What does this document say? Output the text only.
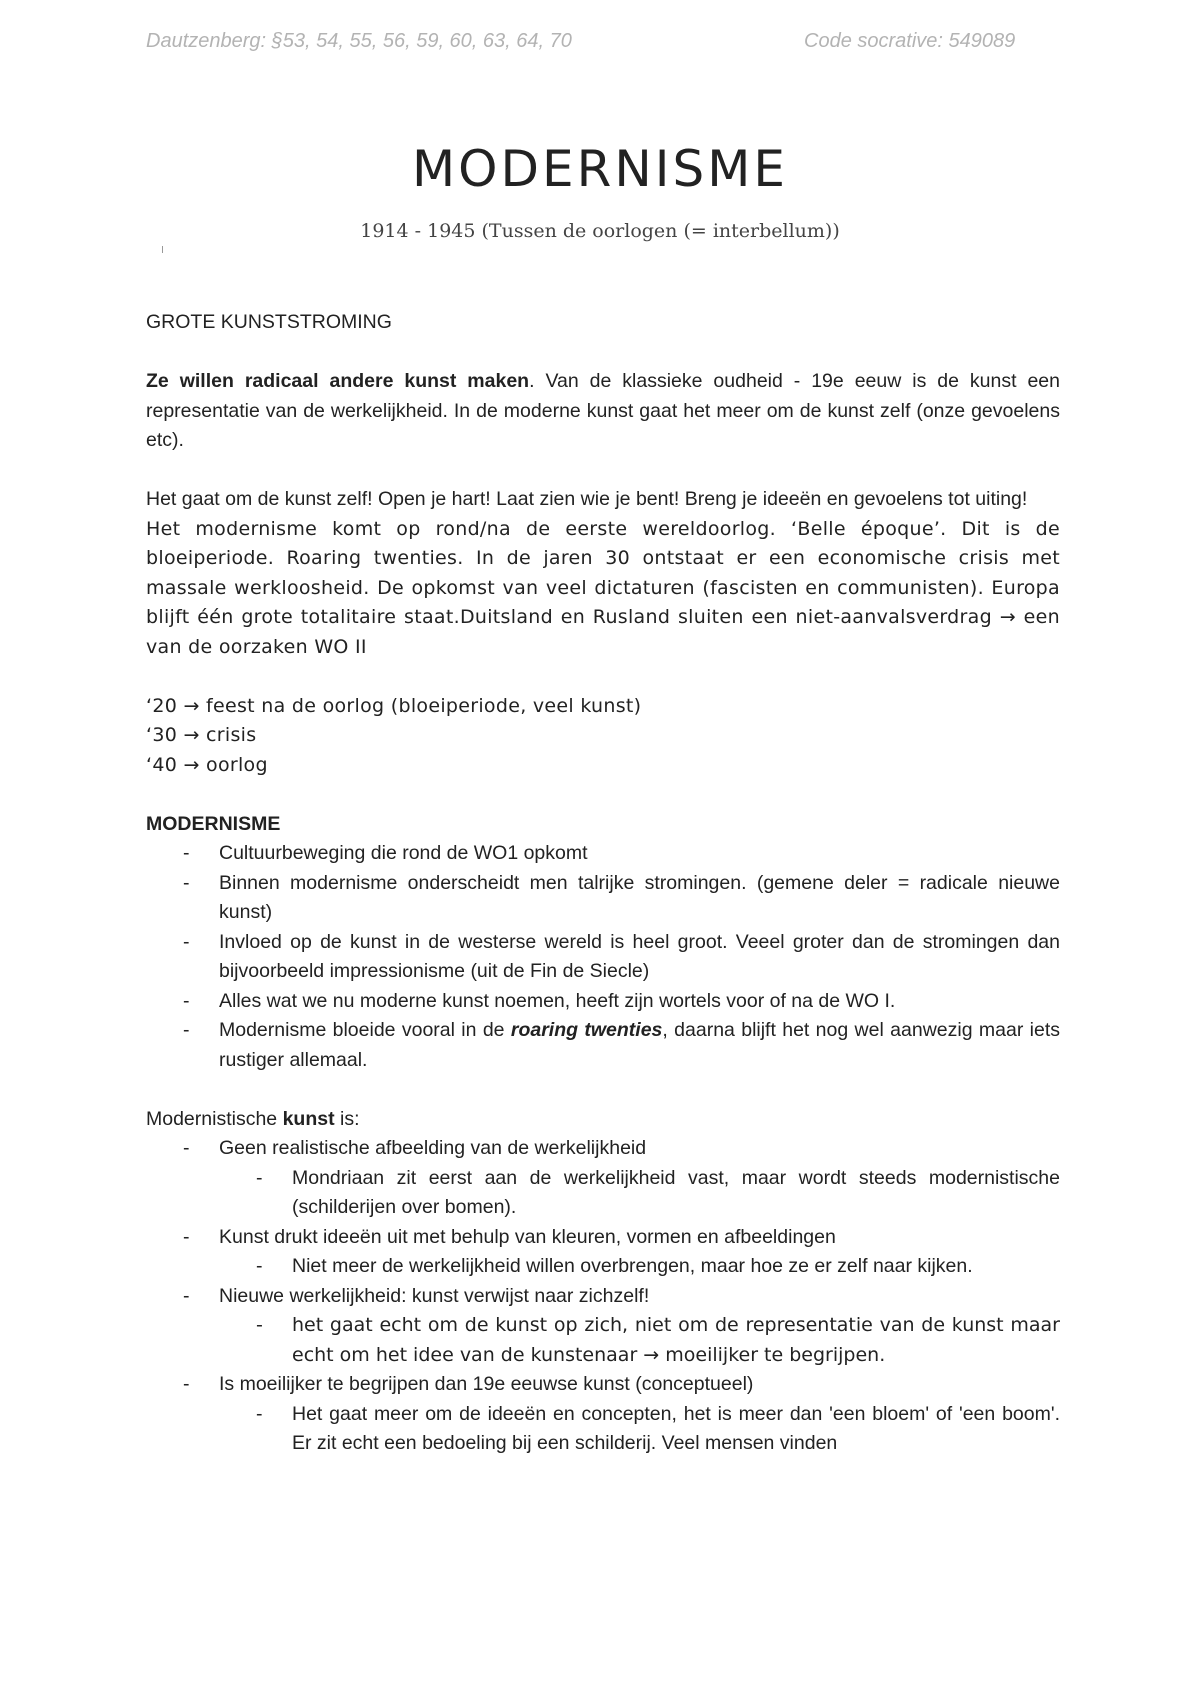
Dautzenberg: §53, 54, 55, 56, 59, 60, 63, 64, 70	Code socrative: 549089
MODERNISME
1914 - 1945 (Tussen de oorlogen (= interbellum))

GROTE KUNSTSTROMING

Ze willen radicaal andere kunst maken. Van de klassieke oudheid - 19e eeuw is de kunst een representatie van de werkelijkheid. In de moderne kunst gaat het meer om de kunst zelf (onze gevoelens etc).

Het gaat om de kunst zelf! Open je hart! Laat zien wie je bent! Breng je ideeën en gevoelens tot uiting!

Het modernisme komt op rond/na de eerste wereldoorlog. ‘Belle époque’. Dit is de bloeiperiode. Roaring twenties. In de jaren 30 ontstaat er een economische crisis met massale werkloosheid. De opkomst van veel dictaturen (fascisten en communisten). Europa blijft één grote totalitaire staat.Duitsland en Rusland sluiten een niet-aanvalsverdrag → een van de oorzaken WO II

‘20 → feest na de oorlog (bloeiperiode, veel kunst)

‘30 → crisis

‘40 → oorlog

MODERNISME

- Cultuurbeweging die rond de WO1 opkomt
- Binnen modernisme onderscheidt men talrijke stromingen. (gemene deler = radicale nieuwe kunst)
- Invloed op de kunst in de westerse wereld is heel groot. Veeel groter dan de stromingen dan bijvoorbeeld impressionisme (uit de Fin de Siecle)
- Alles wat we nu moderne kunst noemen, heeft zijn wortels voor of na de WO I.
- Modernisme bloeide vooral in de roaring twenties, daarna blijft het nog wel aanwezig maar iets rustiger allemaal.

Modernistische kunst is:

- Geen realistische afbeelding van de werkelijkheid
- Mondriaan zit eerst aan de werkelijkheid vast, maar wordt steeds modernistische (schilderijen over bomen).
- Kunst drukt ideeën uit met behulp van kleuren, vormen en afbeeldingen
- Niet meer de werkelijkheid willen overbrengen, maar hoe ze er zelf naar kijken.
- Nieuwe werkelijkheid: kunst verwijst naar zichzelf!
- het gaat echt om de kunst op zich, niet om de representatie van de kunst maar echt om het idee van de kunstenaar → moeilijker te begrijpen.
- Is moeilijker te begrijpen dan 19e eeuwse kunst (conceptueel)
- Het gaat meer om de ideeën en concepten, het is meer dan 'een bloem' of 'een boom'. Er zit echt een bedoeling bij een schilderij. Veel mensen vinden
